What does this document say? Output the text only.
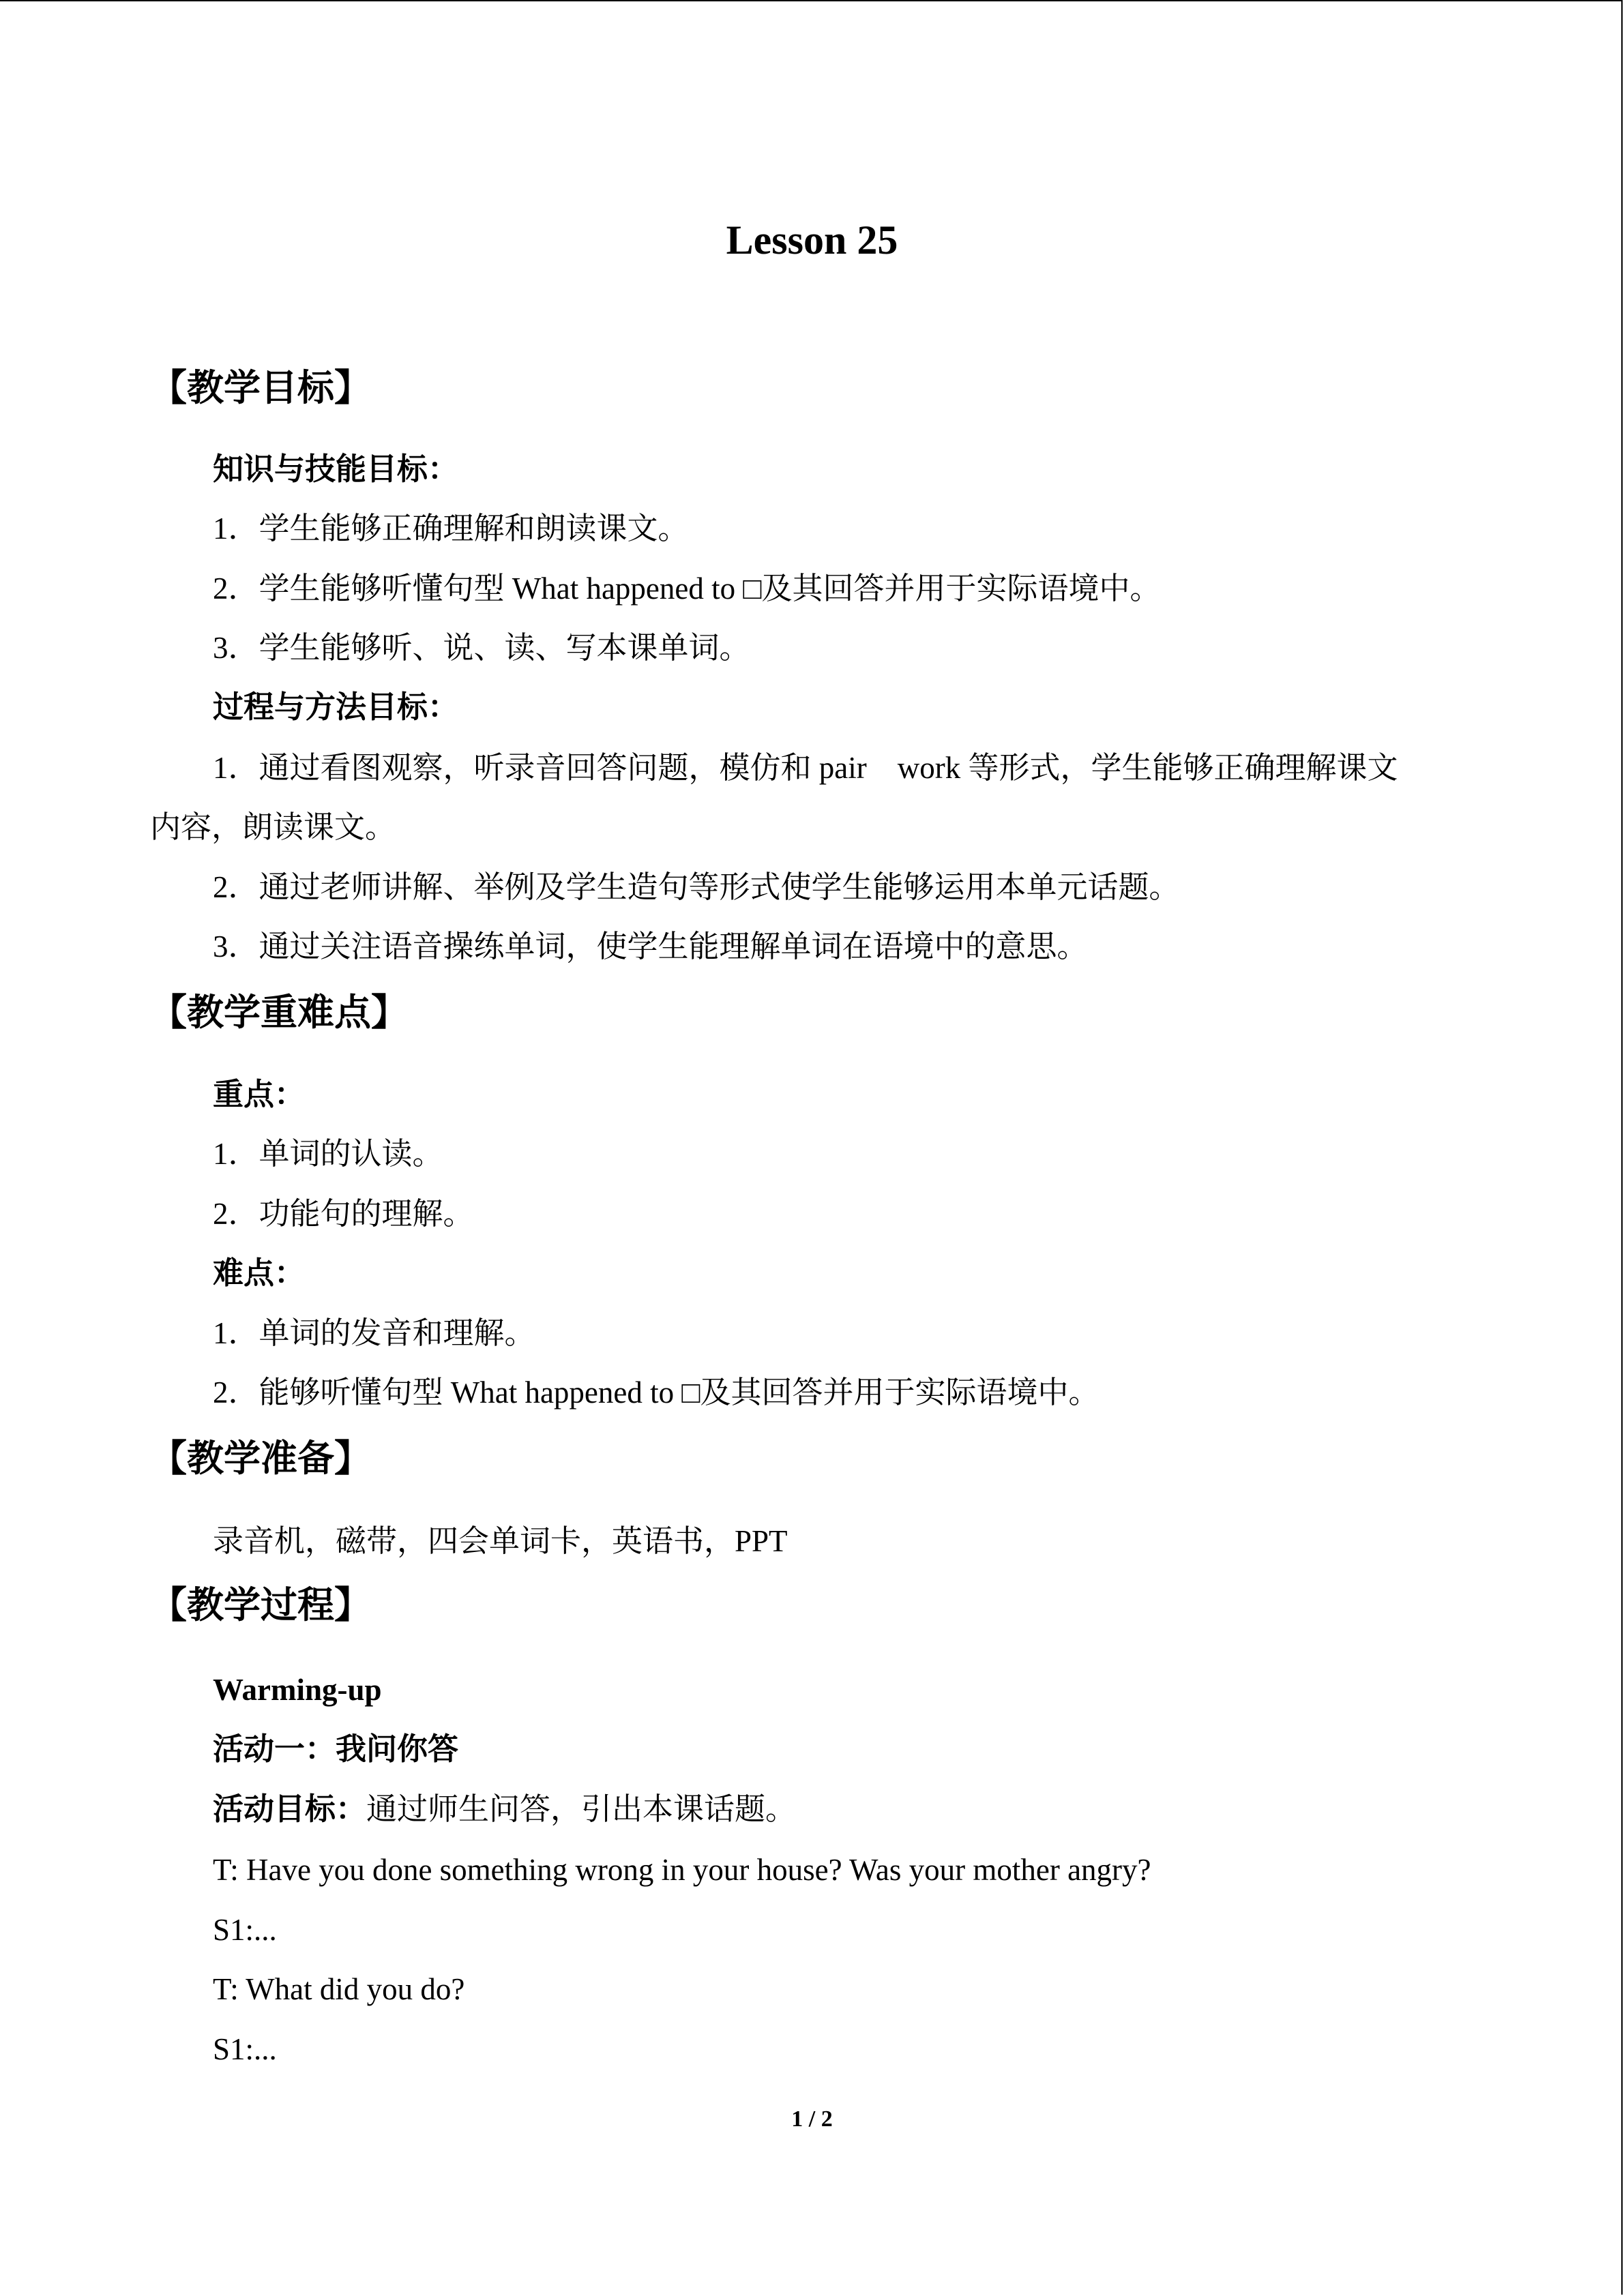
Lesson 25
【教学目标】
知识与技能目标：
1．学生能够正确理解和朗读课文。
2．学生能够听懂句型 What happened to □及其回答并用于实际语境中。
3．学生能够听、说、读、写本课单词。
过程与方法目标：
1．通过看图观察，听录音回答问题，模仿和 pair　work 等形式，学生能够正确理解课文
内容，朗读课文。
2．通过老师讲解、举例及学生造句等形式使学生能够运用本单元话题。
3．通过关注语音操练单词，使学生能理解单词在语境中的意思。
【教学重难点】
重点：
1．单词的认读。
2．功能句的理解。
难点：
1．单词的发音和理解。
2．能够听懂句型 What happened to □及其回答并用于实际语境中。
【教学准备】
录音机，磁带，四会单词卡，英语书，PPT
【教学过程】
Warming-up
活动一：我问你答
活动目标：通过师生问答，引出本课话题。
T: Have you done something wrong in your house? Was your mother angry?
S1:...
T: What did you do?
S1:...
1 / 2
